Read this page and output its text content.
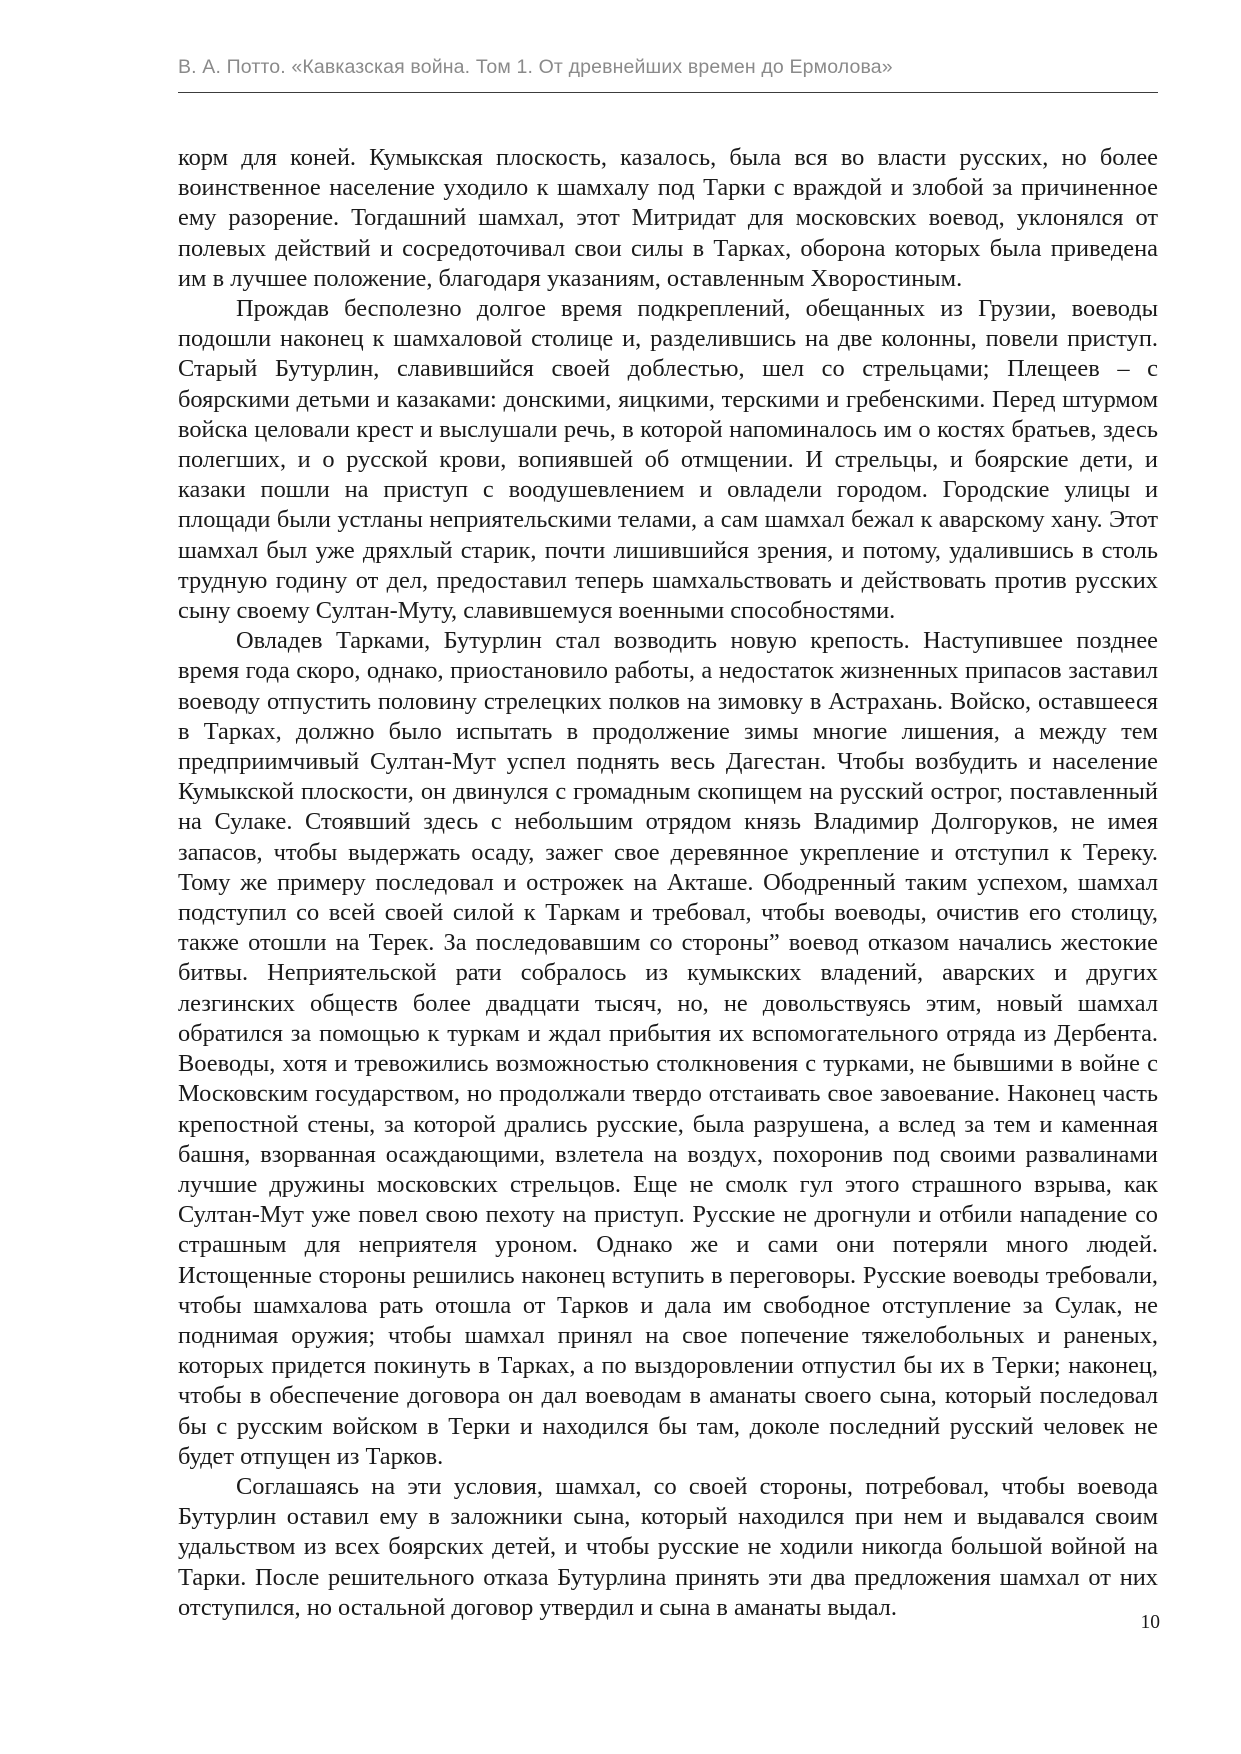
В. А. Потто. «Кавказская война. Том 1. От древнейших времен до Ермолова»

корм для коней. Кумыкская плоскость, казалось, была вся во власти русских, но более воинственное население уходило к шамхалу под Тарки с враждой и злобой за причиненное ему разорение. Тогдашний шамхал, этот Митридат для московских воевод, уклонялся от полевых действий и сосредоточивал свои силы в Тарках, оборона которых была приведена им в лучшее положение, благодаря указаниям, оставленным Хворостиным.

Прождав бесполезно долгое время подкреплений, обещанных из Грузии, воеводы подошли наконец к шамхаловой столице и, разделившись на две колонны, повели приступ. Старый Бутурлин, славившийся своей доблестью, шел со стрельцами; Плещеев – с боярскими детьми и казаками: донскими, яицкими, терскими и гребенскими. Перед штурмом войска целовали крест и выслушали речь, в которой напоминалось им о костях братьев, здесь полегших, и о русской крови, вопиявшей об отмщении. И стрельцы, и боярские дети, и казаки пошли на приступ с воодушевлением и овладели городом. Городские улицы и площади были устланы неприятельскими телами, а сам шамхал бежал к аварскому хану. Этот шамхал был уже дряхлый старик, почти лишившийся зрения, и потому, удалившись в столь трудную годину от дел, предоставил теперь шамхальствовать и действовать против русских сыну своему Султан-Муту, славившемуся военными способностями.

Овладев Тарками, Бутурлин стал возводить новую крепость. Наступившее позднее время года скоро, однако, приостановило работы, а недостаток жизненных припасов заставил воеводу отпустить половину стрелецких полков на зимовку в Астрахань. Войско, оставшееся в Тарках, должно было испытать в продолжение зимы многие лишения, а между тем предприимчивый Султан-Мут успел поднять весь Дагестан. Чтобы возбудить и население Кумыкской плоскости, он двинулся с громадным скопищем на русский острог, поставленный на Сулаке. Стоявший здесь с небольшим отрядом князь Владимир Долгоруков, не имея запасов, чтобы выдержать осаду, зажег свое деревянное укрепление и отступил к Тереку. Тому же примеру последовал и острожек на Акташе. Ободренный таким успехом, шамхал подступил со всей своей силой к Таркам и требовал, чтобы воеводы, очистив его столицу, также отошли на Терек. За последовавшим со стороны” воевод отказом начались жестокие битвы. Неприятельской рати собралось из кумыкских владений, аварских и других лезгинских обществ более двадцати тысяч, но, не довольствуясь этим, новый шамхал обратился за помощью к туркам и ждал прибытия их вспомогательного отряда из Дербента. Воеводы, хотя и тревожились возможностью столкновения с турками, не бывшими в войне с Московским государством, но продолжали твердо отстаивать свое завоевание. Наконец часть крепостной стены, за которой дрались русские, была разрушена, а вслед за тем и каменная башня, взорванная осаждающими, взлетела на воздух, похоронив под своими развалинами лучшие дружины московских стрельцов. Еще не смолк гул этого страшного взрыва, как Султан-Мут уже повел свою пехоту на приступ. Русские не дрогнули и отбили нападение со страшным для неприятеля уроном. Однако же и сами они потеряли много людей. Истощенные стороны решились наконец вступить в переговоры. Русские воеводы требовали, чтобы шамхалова рать отошла от Тарков и дала им свободное отступление за Сулак, не поднимая оружия; чтобы шамхал принял на свое попечение тяжелобольных и раненых, которых придется покинуть в Тарках, а по выздоровлении отпустил бы их в Терки; наконец, чтобы в обеспечение договора он дал воеводам в аманаты своего сына, который последовал бы с русским войском в Терки и находился бы там, доколе последний русский человек не будет отпущен из Тарков.

Соглашаясь на эти условия, шамхал, со своей стороны, потребовал, чтобы воевода Бутурлин оставил ему в заложники сына, который находился при нем и выдавался своим удальством из всех боярских детей, и чтобы русские не ходили никогда большой войной на Тарки. После решительного отказа Бутурлина принять эти два предложения шамхал от них отступился, но остальной договор утвердил и сына в аманаты выдал.

10
